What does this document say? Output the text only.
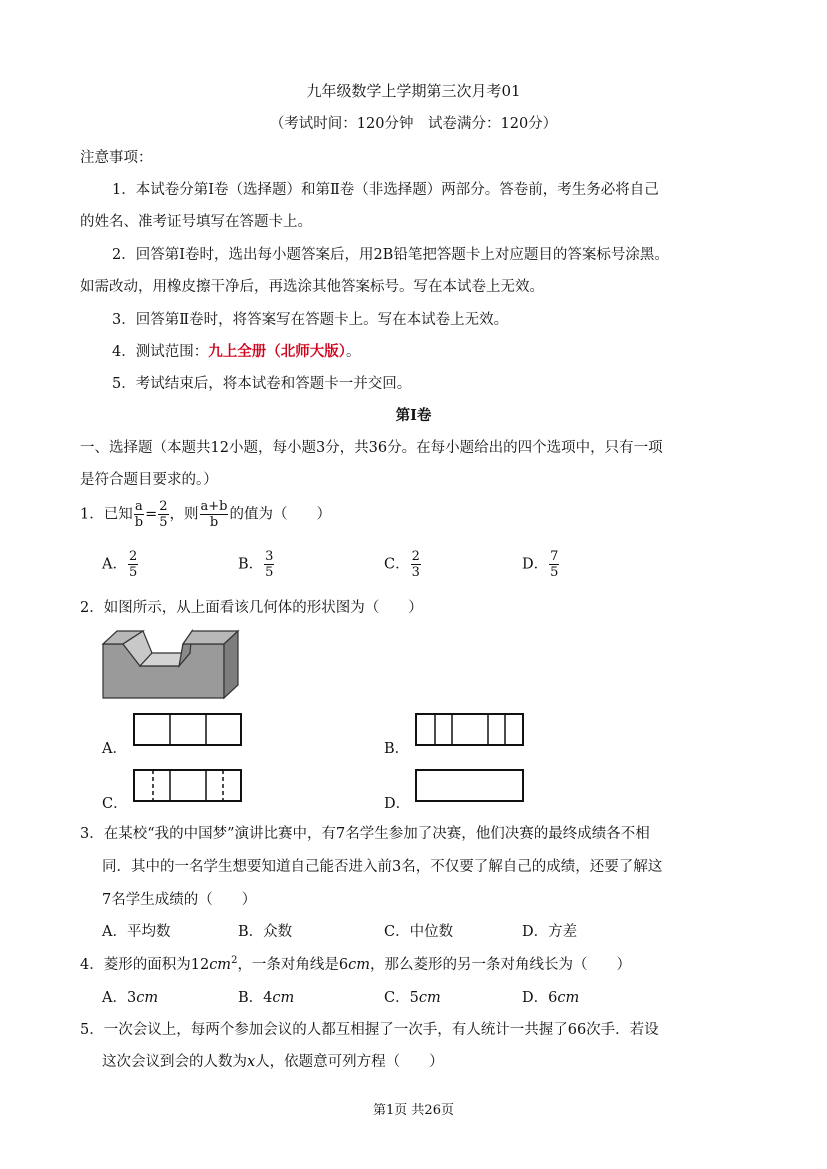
九年级数学上学期第三次月考01
（考试时间：120分钟　试卷满分：120分）
注意事项：
1．本试卷分第Ⅰ卷（选择题）和第Ⅱ卷（非选择题）两部分。答卷前，考生务必将自己
的姓名、准考证号填写在答题卡上。
2．回答第Ⅰ卷时，选出每小题答案后，用2B铅笔把答题卡上对应题目的答案标号涂黑。
如需改动，用橡皮擦干净后，再选涂其他答案标号。写在本试卷上无效。
3．回答第Ⅱ卷时，将答案写在答题卡上。写在本试卷上无效。
4．测试范围：九上全册（北师大版）。
5．考试结束后，将本试卷和答题卡一并交回。
第Ⅰ卷
一、选择题（本题共12小题，每小题3分，共36分。在每小题给出的四个选项中，只有一项
是符合题目要求的。）
1．已知 $\frac{a}{b} = \frac{2}{5}$ ，则 $\frac{a+b}{b}$ 的值为（　　）
A． $\frac{2}{5}$	B． $\frac{3}{5}$	C． $\frac{2}{3}$	D． $\frac{7}{5}$
2．如图所示，从上面看该几何体的形状图为（　　）
A．	B．
C．	D．
3．在某校“我的中国梦”演讲比赛中，有7名学生参加了决赛，他们决赛的最终成绩各不相
同．其中的一名学生想要知道自己能否进入前3名，不仅要了解自己的成绩，还要了解这
7名学生成绩的（　　）
A．平均数	B．众数	C．中位数	D．方差
4．菱形的面积为$12cm^2$，一条对角线是6cm，那么菱形的另一条对角线长为（　　）
A．3cm	B．4cm	C．5cm	D．6cm
5．一次会议上，每两个参加会议的人都互相握了一次手，有人统计一共握了66次手．若设
这次会议到会的人数为x人，依题意可列方程（　　）
第1页 共26页
